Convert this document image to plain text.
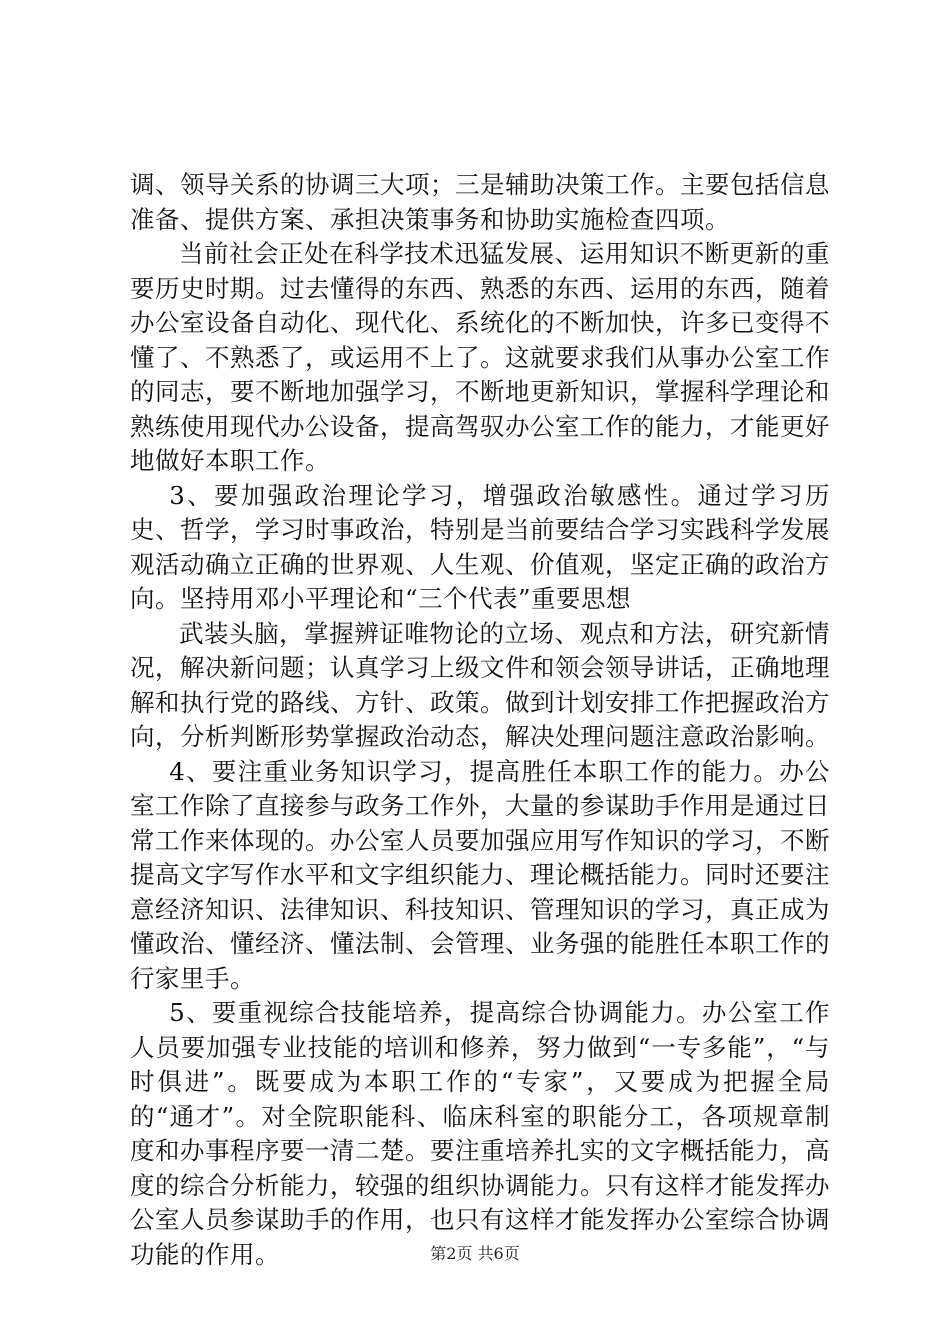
调、领导关系的协调三大项；三是辅助决策工作。主要包括信息准备、提供方案、承担决策事务和协助实施检查四项。

当前社会正处在科学技术迅猛发展、运用知识不断更新的重要历史时期。过去懂得的东西、熟悉的东西、运用的东西，随着办公室设备自动化、现代化、系统化的不断加快，许多已变得不懂了、不熟悉了，或运用不上了。这就要求我们从事办公室工作的同志，要不断地加强学习，不断地更新知识，掌握科学理论和熟练使用现代办公设备，提高驾驭办公室工作的能力，才能更好地做好本职工作。

3、要加强政治理论学习，增强政治敏感性。通过学习历史、哲学，学习时事政治，特别是当前要结合学习实践科学发展观活动确立正确的世界观、人生观、价值观，坚定正确的政治方向。坚持用邓小平理论和“三个代表”重要思想

武装头脑，掌握辨证唯物论的立场、观点和方法，研究新情况，解决新问题；认真学习上级文件和领会领导讲话，正确地理解和执行党的路线、方针、政策。做到计划安排工作把握政治方向，分析判断形势掌握政治动态，解决处理问题注意政治影响。

4、要注重业务知识学习，提高胜任本职工作的能力。办公室工作除了直接参与政务工作外，大量的参谋助手作用是通过日常工作来体现的。办公室人员要加强应用写作知识的学习，不断提高文字写作水平和文字组织能力、理论概括能力。同时还要注意经济知识、法律知识、科技知识、管理知识的学习，真正成为懂政治、懂经济、懂法制、会管理、业务强的能胜任本职工作的行家里手。

5、要重视综合技能培养，提高综合协调能力。办公室工作人员要加强专业技能的培训和修养，努力做到“一专多能”，“与时俱进”。既要成为本职工作的“专家”，又要成为把握全局的“通才”。对全院职能科、临床科室的职能分工，各项规章制度和办事程序要一清二楚。要注重培养扎实的文字概括能力，高度的综合分析能力，较强的组织协调能力。只有这样才能发挥办公室人员参谋助手的作用，也只有这样才能发挥办公室综合协调功能的作用。	第2页 共6页
